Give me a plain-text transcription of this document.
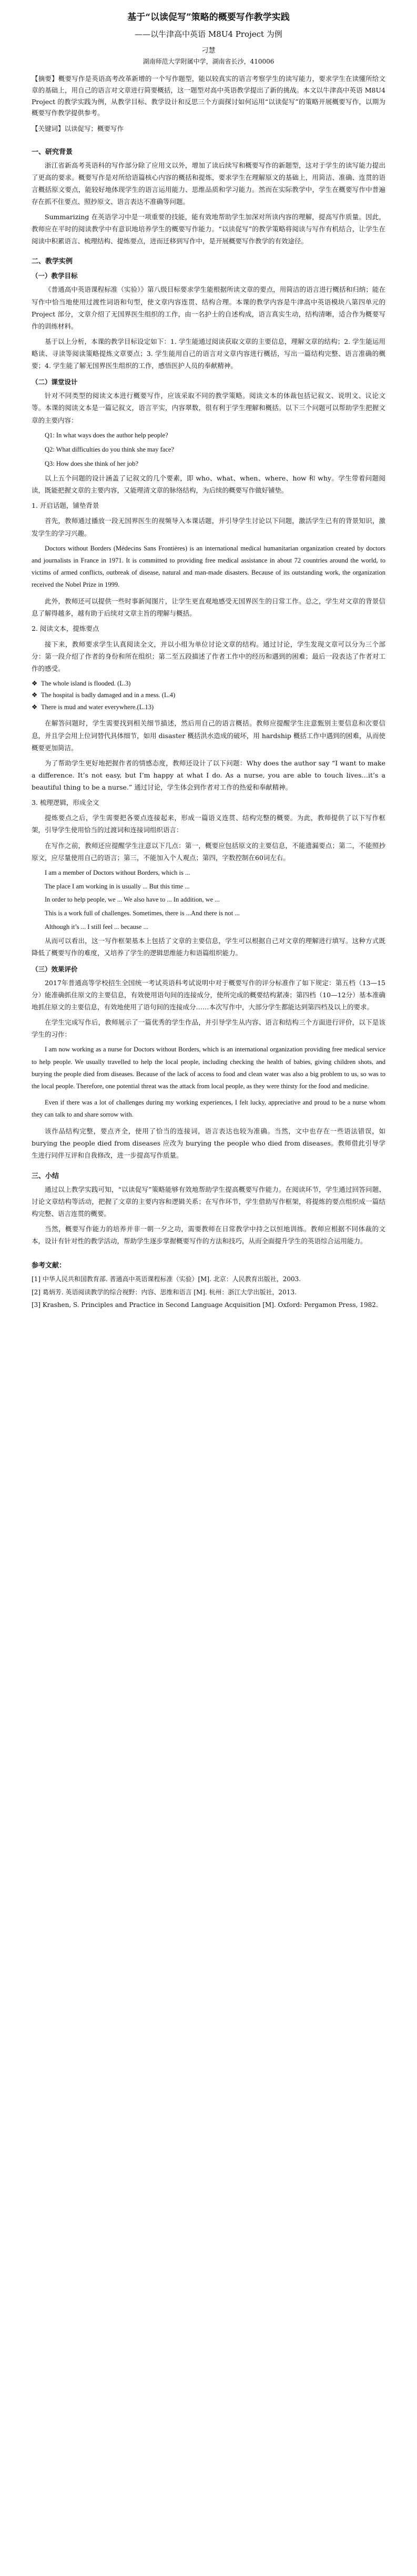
基于“以读促写”策略的概要写作教学实践
——以牛津高中英语 M8U4 Project 为例
刁慧
湖南师范大学附属中学，湖南省长沙，410006

【摘要】概要写作是英语高考改革新增的一个写作题型，能以较真实的语言考察学生的读写能力，要求学生在读懂所给文章的基础上，用自己的语言对文章进行简要概括，这一题型对高中英语教学提出了新的挑战。本文以牛津高中英语 M8U4 Project 的教学实践为例，从教学目标、教学设计和反思三个方面探讨如何运用“以读促写”的策略开展概要写作，以期为概要写作教学提供参考。

【关键词】以读促写；概要写作

一、研究背景

浙江省新高考英语科的写作部分除了应用文以外，增加了读后续写和概要写作的新题型，这对于学生的读写能力提出了更高的要求。概要写作是对所给语篇核心内容的概括和提炼，要求学生在理解原文的基础上，用简洁、准确、连贯的语言概括原文要点，能较好地体现学生的语言运用能力、思维品质和学习能力。然而在实际教学中，学生在概要写作中普遍存在抓不住要点、照抄原文、语言表达不准确等问题。

Summarizing 在英语学习中是一项重要的技能，能有效地帮助学生加深对所读内容的理解，提高写作质量。因此，教师应在平时的阅读教学中有意识地培养学生的概要写作能力。“以读促写”的教学策略将阅读与写作有机结合，让学生在阅读中积累语言、梳理结构、提炼要点，进而迁移到写作中，是开展概要写作教学的有效途径。

二、教学实例
（一）教学目标

《普通高中英语课程标准（实验）》第八级目标要求学生能根据所读文章的要点，用简洁的语言进行概括和归纳；能在写作中恰当地使用过渡性词语和句型，使文章内容连贯、结构合理。本课的教学内容是牛津高中英语模块八第四单元的 Project 部分，文章介绍了无国界医生组织的工作，由一名护士的自述构成，语言真实生动，结构清晰，适合作为概要写作的训练材料。

基于以上分析，本课的教学目标设定如下：1. 学生能通过阅读获取文章的主要信息，理解文章的结构；2. 学生能运用略读、寻读等阅读策略提炼文章要点；3. 学生能用自己的语言对文章内容进行概括，写出一篇结构完整、语言准确的概要；4. 学生能了解无国界医生组织的工作，感悟医护人员的奉献精神。

（二）课堂设计

针对不同类型的阅读文本进行概要写作，应该采取不同的教学策略。阅读文本的体裁包括记叙文、说明文、议论文等。本课的阅读文本是一篇记叙文，语言平实，内容翠数，很有利于学生理解和概括。以下三个问题可以帮助学生把握文章的主要内容：

Q1: In what ways does the author help people?
Q2: What difficulties do you think she may face?
Q3: How does she think of her job?

以上五个问题的设计涵盖了记叙文的几个要素，即 who、what、when、where、how 和 why。学生带着问题阅读，既能把握文章的主要内容，又能理清文章的脉络结构，为后续的概要写作做好铺垫。

1. 开启话题，铺垫背景

首先，教师通过播放一段无国界医生的视频导入本课话题，并引导学生讨论以下问题，激活学生已有的背景知识，激发学生的学习兴趣。

Doctors without Borders (Médecins Sans Frontières) is an international medical humanitarian organization created by doctors and journalists in France in 1971. It is committed to providing free medical assistance in about 72 countries around the world, to victims of armed conflicts, outbreak of disease, natural and man-made disasters. Because of its outstanding work, the organization received the Nobel Prize in 1999.

此外，教师还可以提供一些时事新闻图片，让学生更直观地感受无国界医生的日常工作。总之，学生对文章的背景信息了解得越多，越有助于后续对文章主旨的理解与概括。

2. 阅读文本，提炼要点

接下来，教师要求学生认真阅读全文，并以小组为单位讨论文章的结构。通过讨论，学生发现文章可以分为三个部分：第一段介绍了作者的身份和所在组织；第二至五段描述了作者工作中的经历和遇到的困难；最后一段表达了作者对工作的感受。

❖ The whole island is flooded. (L.3)
❖ The hospital is badly damaged and in a mess. (L.4)
❖ There is mud and water everywhere.(L.13)

在解答问题时，学生需要找到相关细节描述，然后用自己的语言概括。教师应提醒学生注意甄别主要信息和次要信息，并且学会用上位词替代具体细节，如用 disaster 概括洪水造成的破坏，用 hardship 概括工作中遇到的困难，从而使概要更加简洁。

为了帮助学生更好地把握作者的情感态度，教师还设计了以下问题：Why does the author say “I want to make a difference. It’s not easy, but I’m happy at what I do. As a nurse, you are able to touch lives…it’s a beautiful thing to be a nurse.” 通过讨论，学生体会到作者对工作的热爱和奉献精神。

3. 梳理逻辑，形成全文

提炼要点之后，学生需要把各要点连接起来，形成一篇语义连贯、结构完整的概要。为此，教师提供了以下写作框架，引导学生使用恰当的过渡词和连接词组织语言：

在写作之前，教师还应提醒学生注意以下几点：第一，概要应包括原文的主要信息，不能遗漏要点；第二，不能照抄原文，应尽量使用自己的语言；第三，不能加入个人观点；第四，字数控制在60词左右。

I am a member of Doctors without Borders, which is ...
The place I am working in is usually ... But this time ...
In order to help people, we ... We also have to ... In addition, we ...
This is a work full of challenges. Sometimes, there is ...And there is not ...
Although it’s ... I still feel ... because ...

从而可以看出，这一写作框架基本上包括了文章的主要信息，学生可以根据自己对文章的理解进行填写。这种方式既降低了概要写作的难度，又培养了学生的逻辑思维能力和语篇组织能力。

（三）效果评价

2017年普通高等学校招生全国统一考试英语科考试说明中对于概要写作的评分标准作了如下规定：第五档（13—15分）能准确抓住原文的主要信息，有效使用语句间的连接成分，使所完成的概要结构紧凑；第四档（10—12分）基本准确地抓住原文的主要信息，有效地使用了语句间的连接成分……本次写作中，大部分学生都能达到第四档及以上的要求。

在学生完成写作后，教师展示了一篇优秀的学生作品，并引导学生从内容、语言和结构三个方面进行评价，以下是该学生的习作：

I am now working as a nurse for Doctors without Borders, which is an international organization providing free medical service to help people. We usually travelled to help the local people, including checking the health of babies, giving children shots, and burying the people died from diseases. Because of the lack of access to food and clean water was also a big problem to us, so was to the local people. Therefore, one potential threat was the attack from local people, as they were thirsty for the food and medicine.

Even if there was a lot of challenges during my working experiences, I felt lucky, appreciative and proud to be a nurse whom they can talk to and share sorrow with.

该作品结构完整，要点齐全，使用了恰当的连接词，语言表达也较为准确。当然，文中也存在一些语法错误，如 burying the people died from diseases 应改为 burying the people who died from diseases。教师借此引导学生进行同伴互评和自我修改，进一步提高写作质量。

三、小结

通过以上教学实践可知，“以读促写”策略能够有效地帮助学生提高概要写作能力。在阅读环节，学生通过回答问题、讨论文章结构等活动，把握了文章的主要内容和逻辑关系；在写作环节，学生借助写作框架，将提炼的要点组织成一篇结构完整、语言连贯的概要。

当然，概要写作能力的培养并非一朝一夕之功，需要教师在日常教学中持之以恒地训练。教师应根据不同体裁的文本，设计有针对性的教学活动，帮助学生逐步掌握概要写作的方法和技巧，从而全面提升学生的英语综合运用能力。

参考文献：

[1] 中华人民共和国教育部. 普通高中英语课程标准（实验）[M]. 北京：人民教育出版社，2003.

[2] 葛炳芳. 英语阅读教学的综合视野：内容、思维和语言 [M]. 杭州：浙江大学出版社，2013.

[3] Krashen, S. Principles and Practice in Second Language Acquisition [M]. Oxford: Pergamon Press, 1982.
